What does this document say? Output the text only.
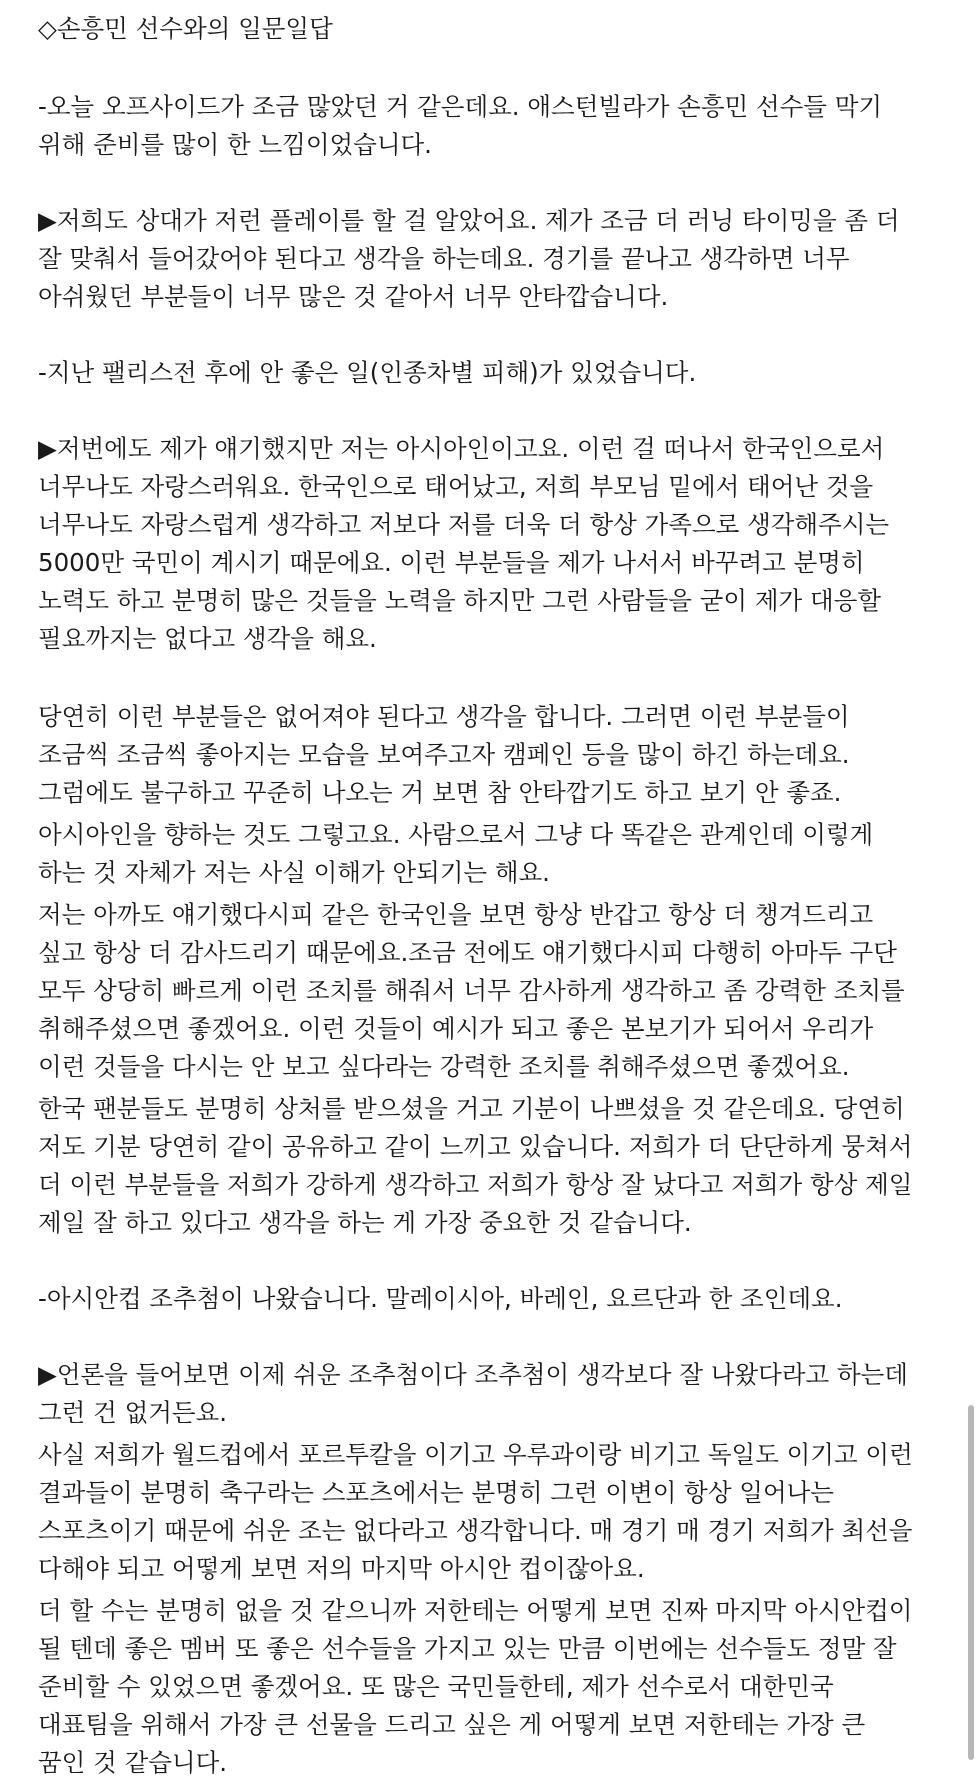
◇손흥민 선수와의 일문일답

-오늘 오프사이드가 조금 많았던 거 같은데요. 애스턴빌라가 손흥민 선수들 막기 위해 준비를 많이 한 느낌이었습니다.

▶저희도 상대가 저런 플레이를 할 걸 알았어요. 제가 조금 더 러닝 타이밍을 좀 더 잘 맞춰서 들어갔어야 된다고 생각을 하는데요. 경기를 끝나고 생각하면 너무 아쉬웠던 부분들이 너무 많은 것 같아서 너무 안타깝습니다.

-지난 팰리스전 후에 안 좋은 일(인종차별 피해)가 있었습니다.

▶저번에도 제가 얘기했지만 저는 아시아인이고요. 이런 걸 떠나서 한국인으로서 너무나도 자랑스러워요. 한국인으로 태어났고, 저희 부모님 밑에서 태어난 것을 너무나도 자랑스럽게 생각하고 저보다 저를 더욱 더 항상 가족으로 생각해주시는 5000만 국민이 계시기 때문에요. 이런 부분들을 제가 나서서 바꾸려고 분명히 노력도 하고 분명히 많은 것들을 노력을 하지만 그런 사람들을 굳이 제가 대응할 필요까지는 없다고 생각을 해요.

당연히 이런 부분들은 없어져야 된다고 생각을 합니다. 그러면 이런 부분들이 조금씩 조금씩 좋아지는 모습을 보여주고자 캠페인 등을 많이 하긴 하는데요. 그럼에도 불구하고 꾸준히 나오는 거 보면 참 안타깝기도 하고 보기 안 좋죠.

아시아인을 향하는 것도 그렇고요. 사람으로서 그냥 다 똑같은 관계인데 이렇게 하는 것 자체가 저는 사실 이해가 안되기는 해요.

저는 아까도 얘기했다시피 같은 한국인을 보면 항상 반갑고 항상 더 챙겨드리고 싶고 항상 더 감사드리기 때문에요.조금 전에도 얘기했다시피 다행히 아마두 구단 모두 상당히 빠르게 이런 조치를 해줘서 너무 감사하게 생각하고 좀 강력한 조치를 취해주셨으면 좋겠어요. 이런 것들이 예시가 되고 좋은 본보기가 되어서 우리가 이런 것들을 다시는 안 보고 싶다라는 강력한 조치를 취해주셨으면 좋겠어요.

한국 팬분들도 분명히 상처를 받으셨을 거고 기분이 나쁘셨을 것 같은데요. 당연히 저도 기분 당연히 같이 공유하고 같이 느끼고 있습니다. 저희가 더 단단하게 뭉쳐서 더 이런 부분들을 저희가 강하게 생각하고 저희가 항상 잘 났다고 저희가 항상 제일 제일 잘 하고 있다고 생각을 하는 게 가장 중요한 것 같습니다.

-아시안컵 조추첨이 나왔습니다. 말레이시아, 바레인, 요르단과 한 조인데요.

▶언론을 들어보면 이제 쉬운 조추첨이다 조추첨이 생각보다 잘 나왔다라고 하는데 그런 건 없거든요.

사실 저희가 월드컵에서 포르투칼을 이기고 우루과이랑 비기고 독일도 이기고 이런 결과들이 분명히 축구라는 스포츠에서는 분명히 그런 이변이 항상 일어나는 스포츠이기 때문에 쉬운 조는 없다라고 생각합니다. 매 경기 매 경기 저희가 최선을 다해야 되고 어떻게 보면 저의 마지막 아시안 컵이잖아요.

더 할 수는 분명히 없을 것 같으니까 저한테는 어떻게 보면 진짜 마지막 아시안컵이 될 텐데 좋은 멤버 또 좋은 선수들을 가지고 있는 만큼 이번에는 선수들도 정말 잘 준비할 수 있었으면 좋겠어요. 또 많은 국민들한테, 제가 선수로서 대한민국 대표팀을 위해서 가장 큰 선물을 드리고 싶은 게 어떻게 보면 저한테는 가장 큰 꿈인 것 같습니다.
